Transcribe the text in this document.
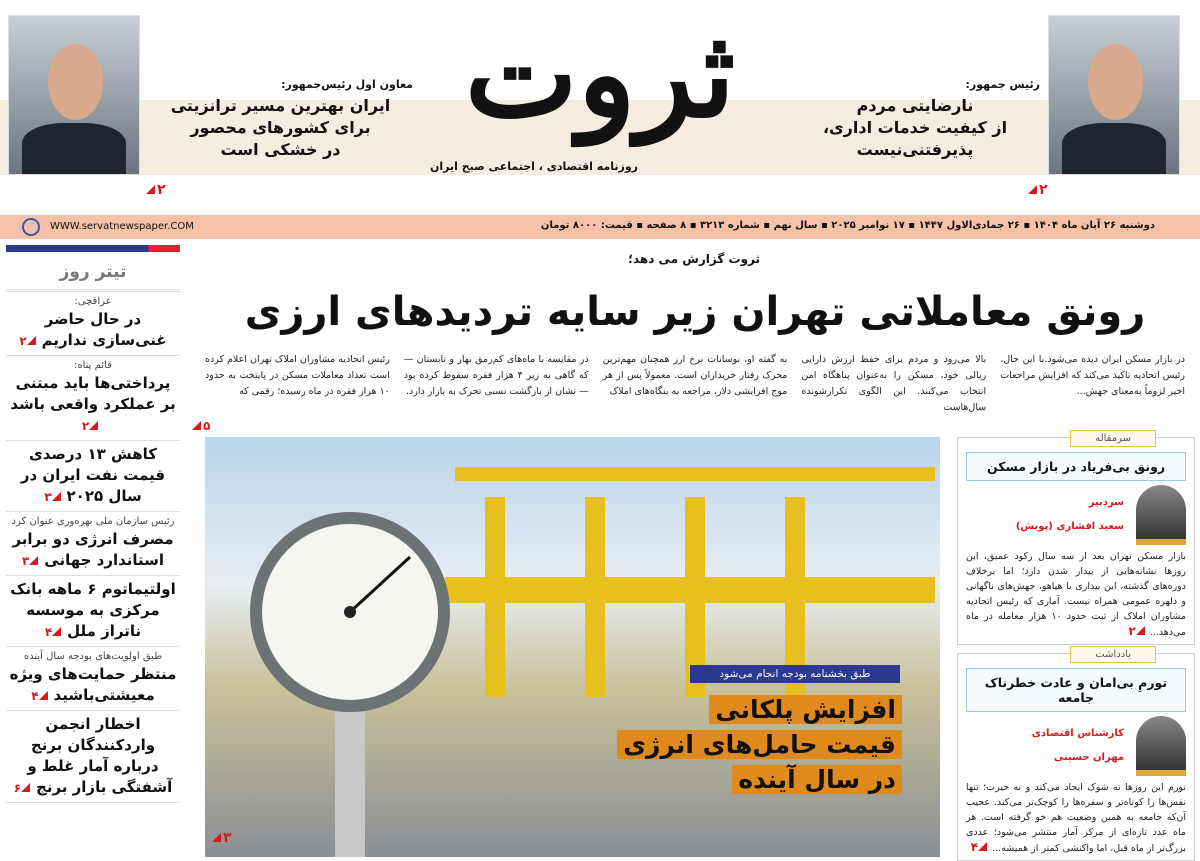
معاون اول رئیس‌جمهور:
ایران بهترین مسیر ترانزیتی
برای کشورهای محصور
در خشکی است
۲
رئیس جمهور:
نارضایتی مردم
از کیفیت خدمات اداری،
پذیرفتنی‌نیست
۲
ثروت
روزنامه اقتصادی ، اجتماعی صبح ایران
WWW.servatnewspaper.COM	دوشنبه ۲۶ آبان ماه ۱۴۰۴ ▪ ۲۶ جمادی‌الاول ۱۴۴۷ ▪ ۱۷ نوامبر ۲۰۲۵ ▪ سال نهم ▪ شماره ۳۲۱۳ ▪ ۸ صفحه ▪ قیمت: ۸۰۰۰ تومان
تیتر روز
عراقچی:
در حال حاضر غنی‌سازی نداریم۲
قائم پناه:
پرداختی‌ها باید مبتنی بر عملکرد واقعی باشد۲
کاهش ۱۳ درصدی قیمت نفت ایران در سال ۲۰۲۵۳
رئیس سازمان ملی بهره‌وری عنوان کرد
مصرف انرژی دو برابر استاندارد جهانی۳
اولتیماتوم ۶ ماهه بانک مرکزی به موسسه ناتراز ملل۴
طبق اولویت‌های بودجه سال آینده
منتظر حمایت‌های ویژه معیشتی‌باشید۴
اخطار انجمن واردکنندگان برنج درباره آمار غلط و آشفتگی بازار برنج۶
ثروت گزارش می دهد؛
رونق معاملاتی تهران زیر سایه تردیدهای ارزی
رئیس اتحادیه مشاوران املاک تهران اعلام کرده است تعداد معاملات مسکن در پایتخت به حدود ۱۰ هزار فقره در ماه رسیده؛ رقمی که
در مقایسه با ماه‌های کم‌رمق بهار و تابستان — که گاهی به زیر ۴ هزار فقره سقوط کرده بود — نشان از بازگشت نسبی تحرک به بازار دارد.
به گفته او، نوسانات نرخ ارز همچنان مهم‌ترین محرک رفتار خریداران است. معمولاً پس از هر موج افزایشی دلار، مراجعه به بنگاه‌های املاک
بالا می‌رود و مردم برای حفظ ارزش دارایی ریالی خود، مسکن را به‌عنوان پناهگاه امن انتخاب می‌کنند. این الگوی تکرارشونده سال‌هاست
در بازار مسکن ایران دیده می‌شود.با این حال، رئیس اتحادیه تاکید می‌کند که افزایش مراجعات اخیر لزوماً به‌معنای جهش...
۵
طبق بخشنامه بودجه انجام می‌شود
افزایش پلکانی
قیمت حامل‌های انرژی
در سال آینده
۳
سرمقاله
رونق بی‌فریاد در بازار مسکن
سردبیر
سعید افشاری (پویش)
بازار مسکن تهران بعد از سه سال رکود عمیق، این روزها نشانه‌هایی از بیدار شدن دارد؛ اما برخلاف دوره‌های گذشته، این بیداری با هیاهو، جهش‌های ناگهانی و دلهره عمومی همراه نیست. آماری که رئیس اتحادیه مشاوران املاک از ثبت حدود ۱۰ هزار معامله در ماه می‌دهد... ۲
یادداشت
تورمِ بی‌امان و عادت خطرناک جامعه
کارشناس اقتصادی
مهران حسینی
تورم این روزها نه شوک ایجاد می‌کند و نه حیرت؛ تنها نفس‌ها را کوتاه‌تر و سفره‌ها را کوچک‌تر می‌کند. عجیب آن‌که جامعه به همین وضعیت هم خو گرفته است. هر ماه عدد تازه‌ای از مرکز آمار منتشر می‌شود؛ عددی بزرگ‌تر از ماه قبل، اما واکنشی کمتر از همیشه... ۴
